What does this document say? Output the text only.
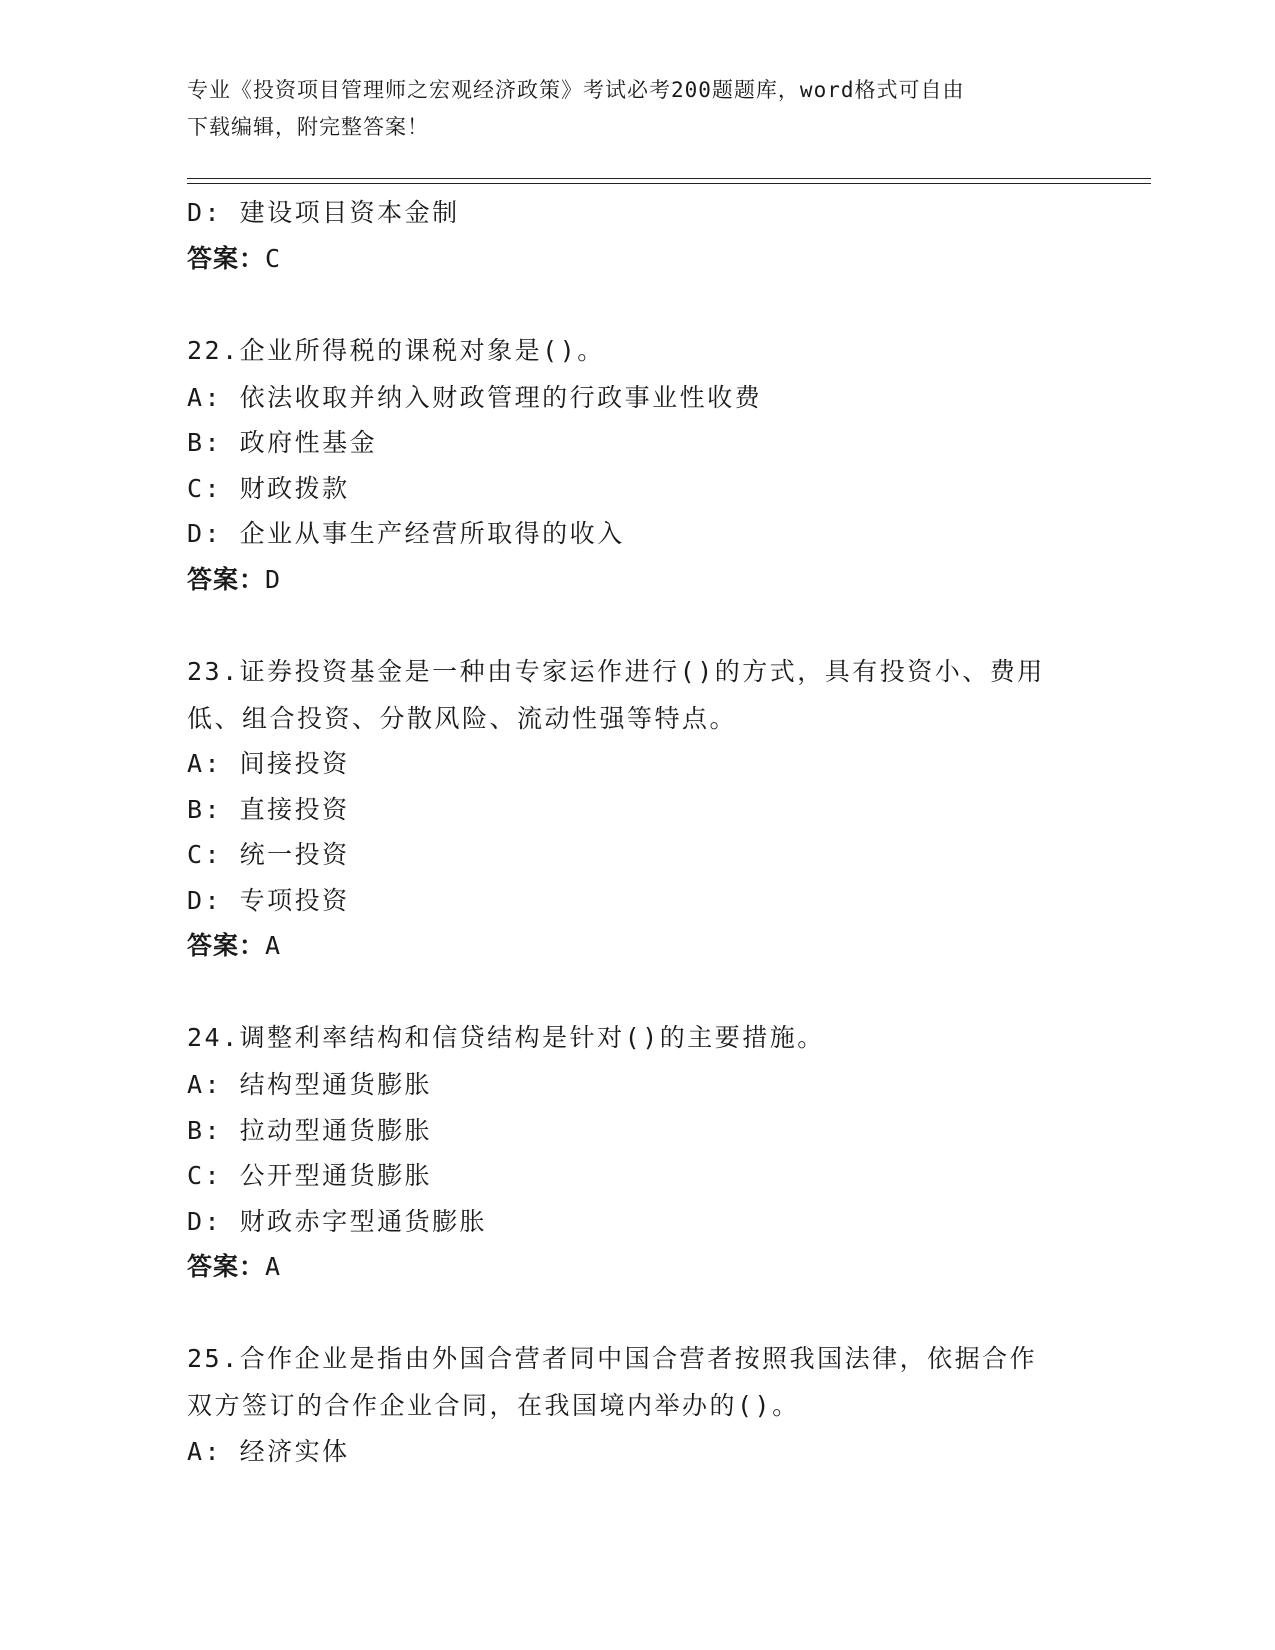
专业《投资项目管理师之宏观经济政策》考试必考200题题库，word格式可自由
下载编辑，附完整答案！
D: 建设项目资本金制
答案：C
22.企业所得税的课税对象是()。
A: 依法收取并纳入财政管理的行政事业性收费
B: 政府性基金
C: 财政拨款
D: 企业从事生产经营所取得的收入
答案：D
23.证券投资基金是一种由专家运作进行()的方式，具有投资小、费用
低、组合投资、分散风险、流动性强等特点。
A: 间接投资
B: 直接投资
C: 统一投资
D: 专项投资
答案：A
24.调整利率结构和信贷结构是针对()的主要措施。
A: 结构型通货膨胀
B: 拉动型通货膨胀
C: 公开型通货膨胀
D: 财政赤字型通货膨胀
答案：A
25.合作企业是指由外国合营者同中国合营者按照我国法律，依据合作
双方签订的合作企业合同，在我国境内举办的()。
A: 经济实体
